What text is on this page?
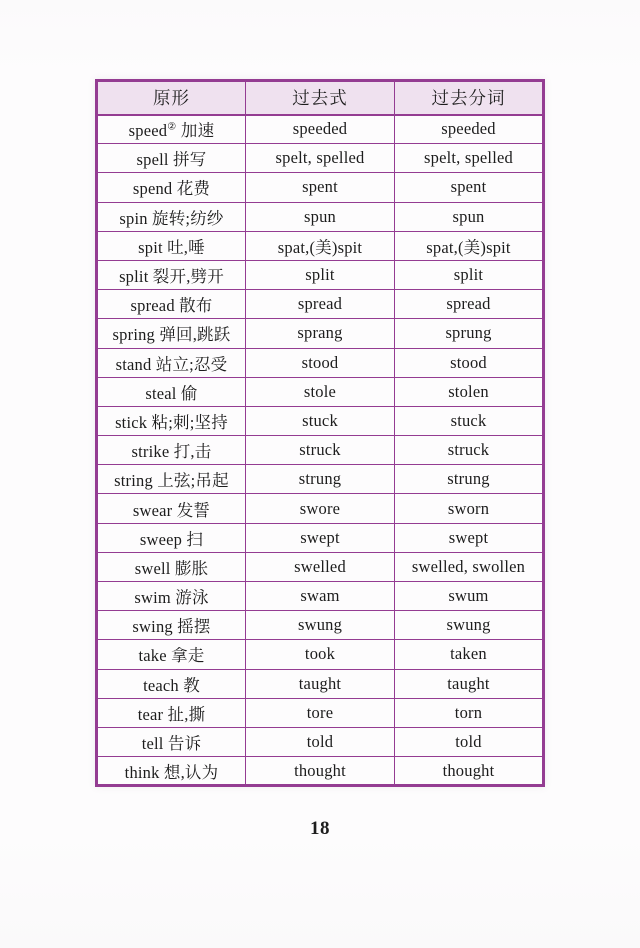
原形	过去式	过去分词
speed② 加速	speeded	speeded
spell 拼写	spelt, spelled	spelt, spelled
spend 花费	spent	spent
spin 旋转;纺纱	spun	spun
spit 吐,唾	spat,(美)spit	spat,(美)spit
split 裂开,劈开	split	split
spread 散布	spread	spread
spring 弹回,跳跃	sprang	sprung
stand 站立;忍受	stood	stood
steal 偷	stole	stolen
stick 粘;刺;坚持	stuck	stuck
strike 打,击	struck	struck
string 上弦;吊起	strung	strung
swear 发誓	swore	sworn
sweep 扫	swept	swept
swell 膨胀	swelled	swelled, swollen
swim 游泳	swam	swum
swing 摇摆	swung	swung
take 拿走	took	taken
teach 教	taught	taught
tear 扯,撕	tore	torn
tell 告诉	told	told
think 想,认为	thought	thought
18
